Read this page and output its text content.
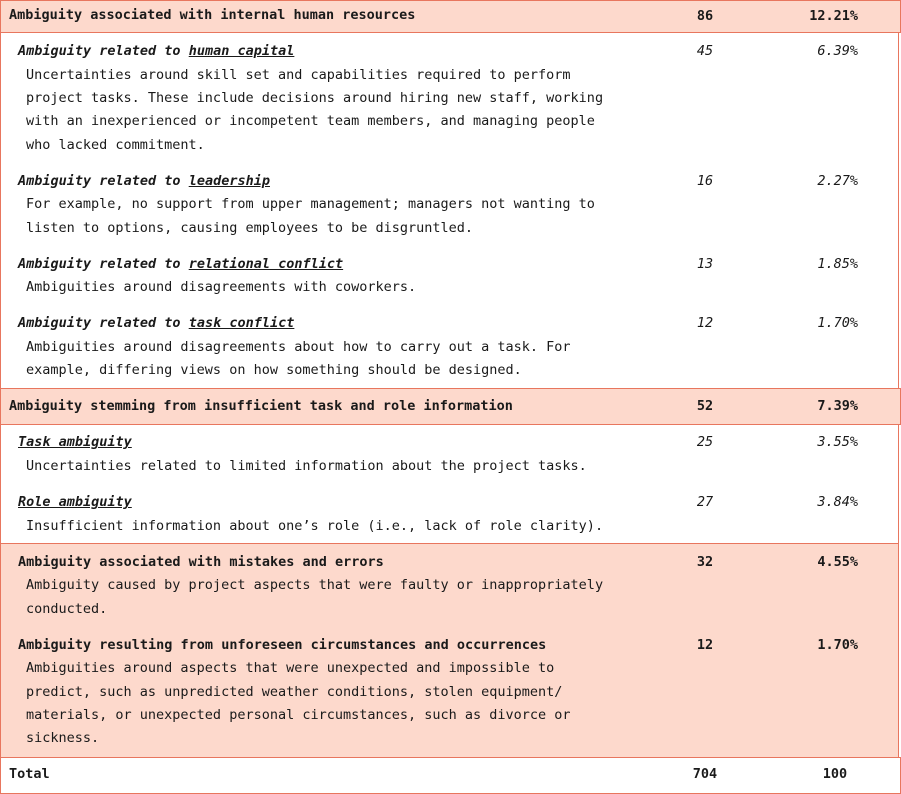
Ambiguity associated with internal human resources	86	12.21%
Ambiguity related to human capital	45	6.39%
Uncertainties around skill set and capabilities required to perform
project tasks. These include decisions around hiring new staff, working
with an inexperienced or incompetent team members, and managing people
who lacked commitment.
Ambiguity related to leadership	16	2.27%
For example, no support from upper management; managers not wanting to
listen to options, causing employees to be disgruntled.
Ambiguity related to relational conflict	13	1.85%
Ambiguities around disagreements with coworkers.
Ambiguity related to task conflict	12	1.70%
Ambiguities around disagreements about how to carry out a task. For
example, differing views on how something should be designed.
Ambiguity stemming from insufficient task and role information	52	7.39%
Task ambiguity	25	3.55%
Uncertainties related to limited information about the project tasks.
Role ambiguity	27	3.84%
Insufficient information about one’s role (i.e., lack of role clarity).
Ambiguity associated with mistakes and errors	32	4.55%
Ambiguity caused by project aspects that were faulty or inappropriately
conducted.
Ambiguity resulting from unforeseen circumstances and occurrences	12	1.70%
Ambiguities around aspects that were unexpected and impossible to
predict, such as unpredicted weather conditions, stolen equipment/
materials, or unexpected personal circumstances, such as divorce or
sickness.
Total	704	100
